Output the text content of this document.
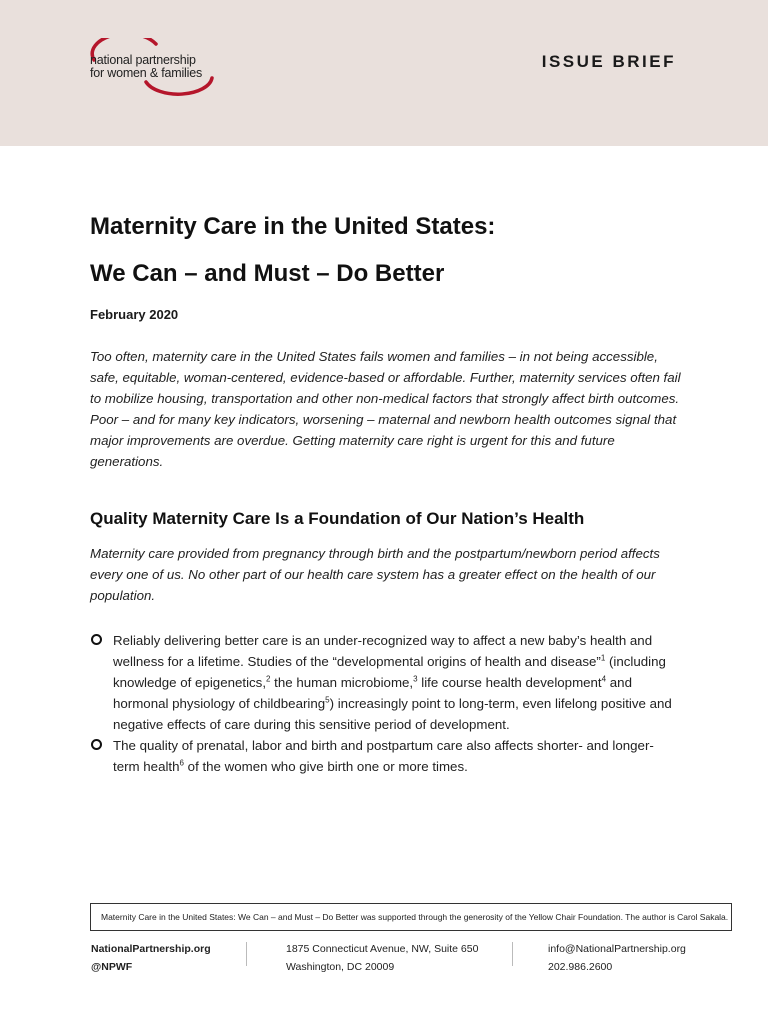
national partnership
for women & families
ISSUE BRIEF
Maternity Care in the United States:
We Can – and Must – Do Better
February 2020

Too often, maternity care in the United States fails women and families – in not being accessible, safe, equitable, woman-centered, evidence-based or affordable. Further, maternity services often fail to mobilize housing, transportation and other non-medical factors that strongly affect birth outcomes. Poor – and for many key indicators, worsening – maternal and newborn health outcomes signal that major improvements are overdue. Getting maternity care right is urgent for this and future generations.

Quality Maternity Care Is a Foundation of Our Nation’s Health

Maternity care provided from pregnancy through birth and the postpartum/newborn period affects every one of us. No other part of our health care system has a greater effect on the health of our population.

Reliably delivering better care is an under-recognized way to affect a new baby’s health and wellness for a lifetime. Studies of the “developmental origins of health and disease”$^1$ (including knowledge of epigenetics,$^2$ the human microbiome,$^3$ life course health development$^4$ and hormonal physiology of childbearing$^5$) increasingly point to long-term, even lifelong positive and negative effects of care during this sensitive period of development.
The quality of prenatal, labor and birth and postpartum care also affects shorter- and longer-term health$^6$ of the women who give birth one or more times.
Maternity Care in the United States: We Can – and Must – Do Better was supported through the generosity of the Yellow Chair Foundation. The author is Carol Sakala.
NationalPartnership.org
@NPWF
1875 Connecticut Avenue, NW, Suite 650
Washington, DC 20009
info@NationalPartnership.org
202.986.2600
